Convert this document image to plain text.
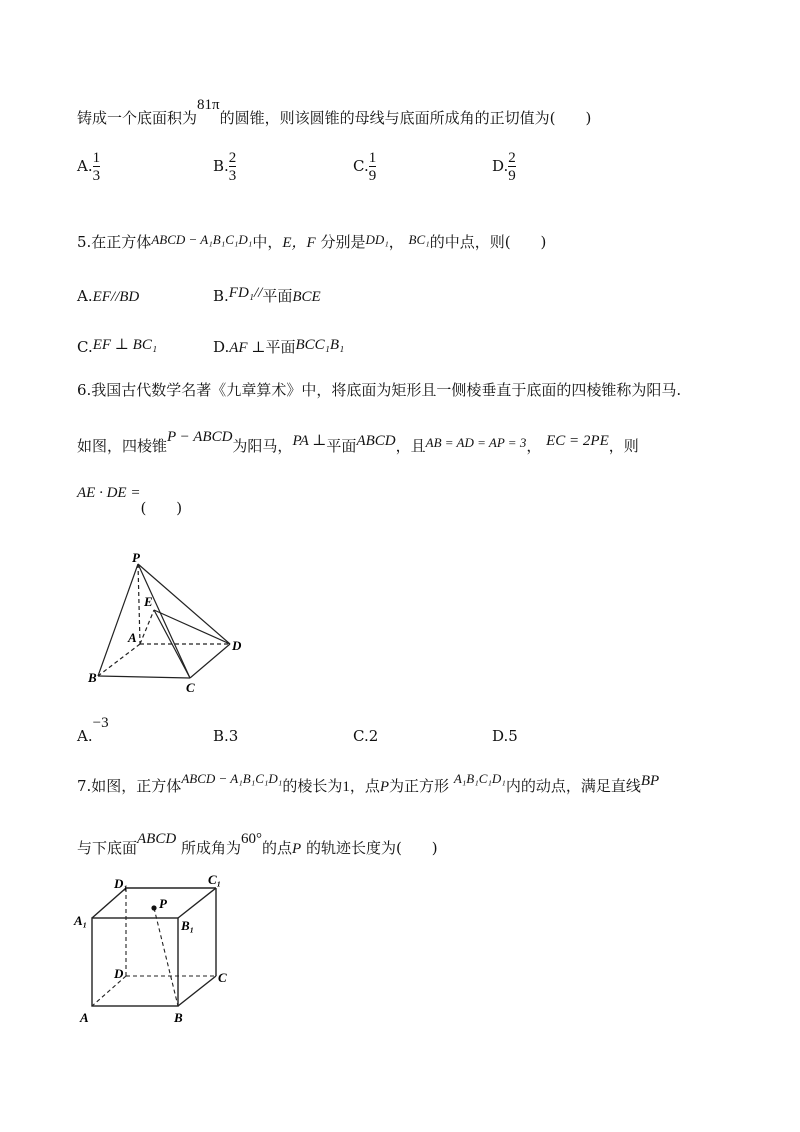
铸成一个底面积为81π的圆锥，则该圆锥的母线与底面所成角的正切值为(　　)
A. $\frac{1}{3}$	B. $\frac{2}{3}$	C. $\frac{1}{9}$	D. $\frac{2}{9}$
5.在正方体ABCD − A₁B₁C₁D₁中，E，F 分别是DD₁， BC₁的中点，则(　　)
A.EF//BD	B.FD₁//平面BCE
C.EF ⊥ BC₁	D.AF ⊥平面BCC₁B₁
6.我国古代数学名著《九章算术》中，将底面为矩形且一侧棱垂直于底面的四棱锥称为阳马.
如图，四棱锥P − ABCD为阳马，PA ⊥平面ABCD，且AB = AD = AP = 3， EC = 2PE，则
AE · DE =(　　)
P
E
A
D
B
C
A.−3
B.3	C.2	D.5
7.如图，正方体ABCD − A₁B₁C₁D₁的棱长为1，点P为正方形 A₁B₁C₁D₁内的动点，满足直线BP
与下底面ABCD 所成角为60°的点P 的轨迹长度为(　　)
D₁	C₁
P
A₁	B₁
D	C
A	B
